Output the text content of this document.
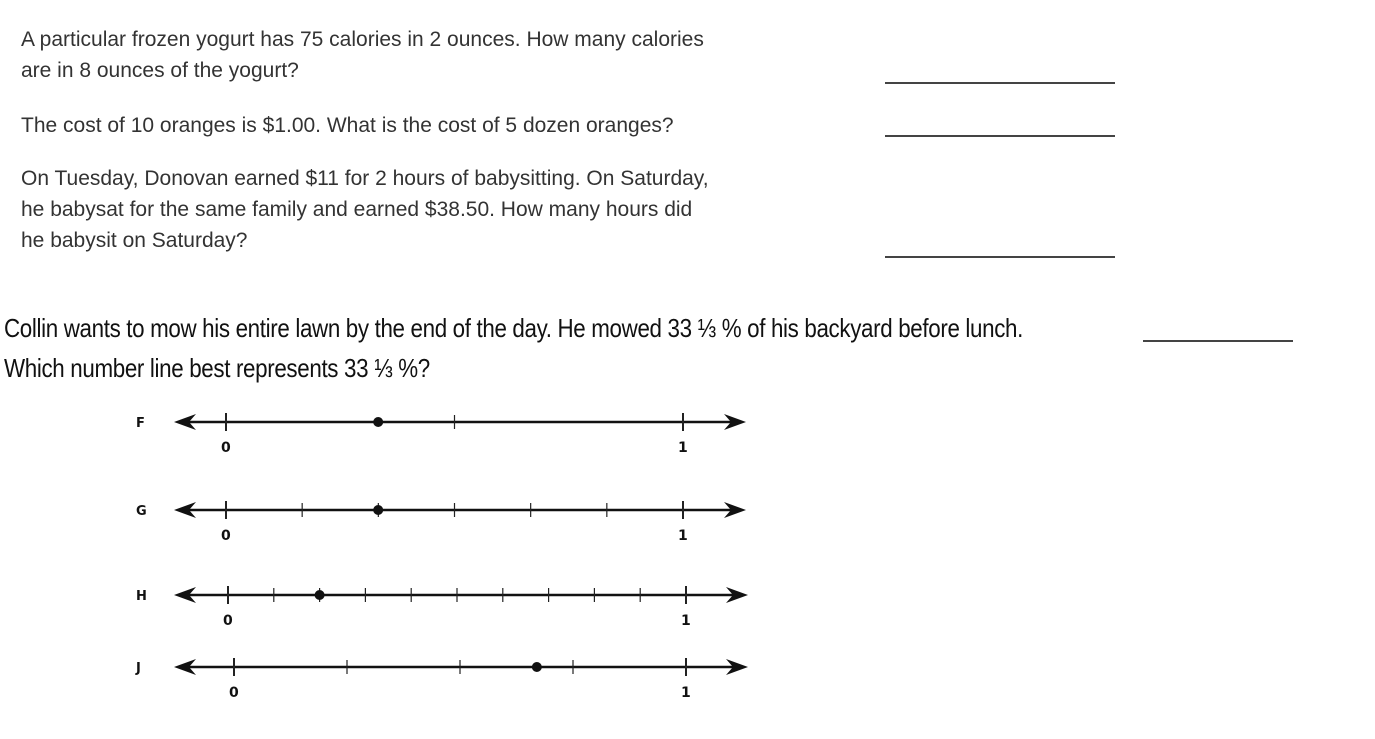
A particular frozen yogurt has 75 calories in 2 ounces. How many calories
are in 8 ounces of the yogurt?
The cost of 10 oranges is $1.00. What is the cost of 5 dozen oranges?
On Tuesday, Donovan earned $11 for 2 hours of babysitting. On Saturday,
he babysat for the same family and earned $38.50. How many hours did
he babysit on Saturday?
Collin wants to mow his entire lawn by the end of the day. He mowed 33 ⅓ % of his backyard before lunch.
Which number line best represents 33 ⅓ %?
F
0	1
G
0	1
H
0	1
J
0	1
